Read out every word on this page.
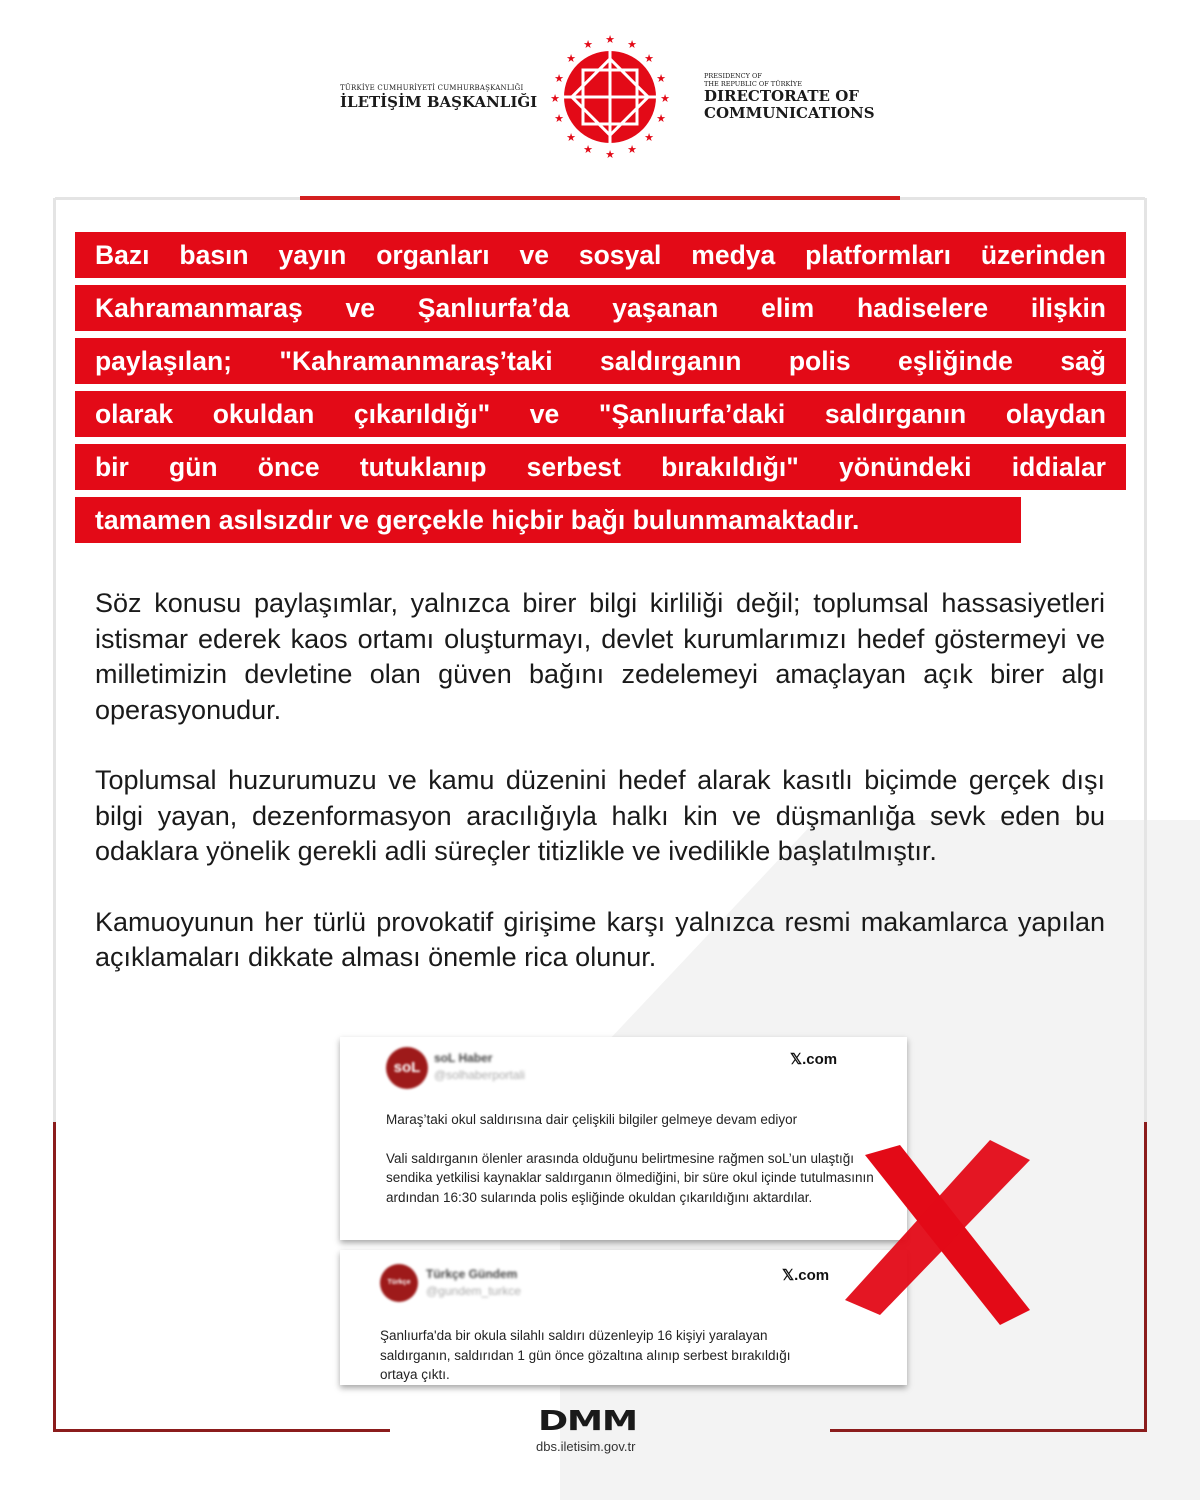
TÜRKİYE CUMHURİYETİ CUMHURBAŞKANLIĞI
İLETİŞİM BAŞKANLIĞI
★
★	★
★	★
★	★
★	★
★	★
★	★
★	★
★
PRESIDENCY OF
THE REPUBLIC OF TÜRKİYE
DIRECTORATE OF
COMMUNICATIONS
Bazı basın yayın organları ve sosyal medya platformları üzerinden
Kahramanmaraş ve Şanlıurfa’da yaşanan elim hadiselere ilişkin
paylaşılan; "Kahramanmaraş’taki saldırganın polis eşliğinde sağ
olarak okuldan çıkarıldığı" ve "Şanlıurfa’daki saldırganın olaydan
bir gün önce tutuklanıp serbest bırakıldığı" yönündeki iddialar
tamamen asılsızdır ve gerçekle hiçbir bağı bulunmamaktadır.

Söz konusu paylaşımlar, yalnızca birer bilgi kirliliği değil; toplumsal hassasiyetleri istismar ederek kaos ortamı oluşturmayı, devlet kurumlarımızı hedef göstermeyi ve milletimizin devletine olan güven bağını zedelemeyi amaçlayan açık birer algı operasyonudur.

Toplumsal huzurumuzu ve kamu düzenini hedef alarak kasıtlı biçimde gerçek dışı bilgi yayan, dezenformasyon aracılığıyla halkı kin ve düşmanlığa sevk eden bu odaklara yönelik gerekli adli süreçler titizlikle ve ivedilikle başlatılmıştır.

Kamuoyunun her türlü provokatif girişime karşı yalnızca resmi makamlarca yapılan açıklamaları dikkate alması önemle rica olunur.

soL
soL Haber
@solhaberportali
𝕏.com
Maraş’taki okul saldırısına dair çelişkili bilgiler gelmeye devam ediyor
Vali saldırganın ölenler arasında olduğunu belirtmesine rağmen soL’un ulaştığı sendika yetkilisi kaynaklar saldırganın ölmediğini, bir süre okul içinde tutulmasının ardından 16:30 sularında polis eşliğinde okuldan çıkarıldığını aktardılar.
Türkçe
Türkçe Gündem
@gundem_turkce
𝕏.com
Şanlıurfa'da bir okula silahlı saldırı düzenleyip 16 kişiyi yaralayan saldırganın, saldırıdan 1 gün önce gözaltına alınıp serbest bırakıldığı ortaya çıktı.
DMM
dbs.iletisim.gov.tr
